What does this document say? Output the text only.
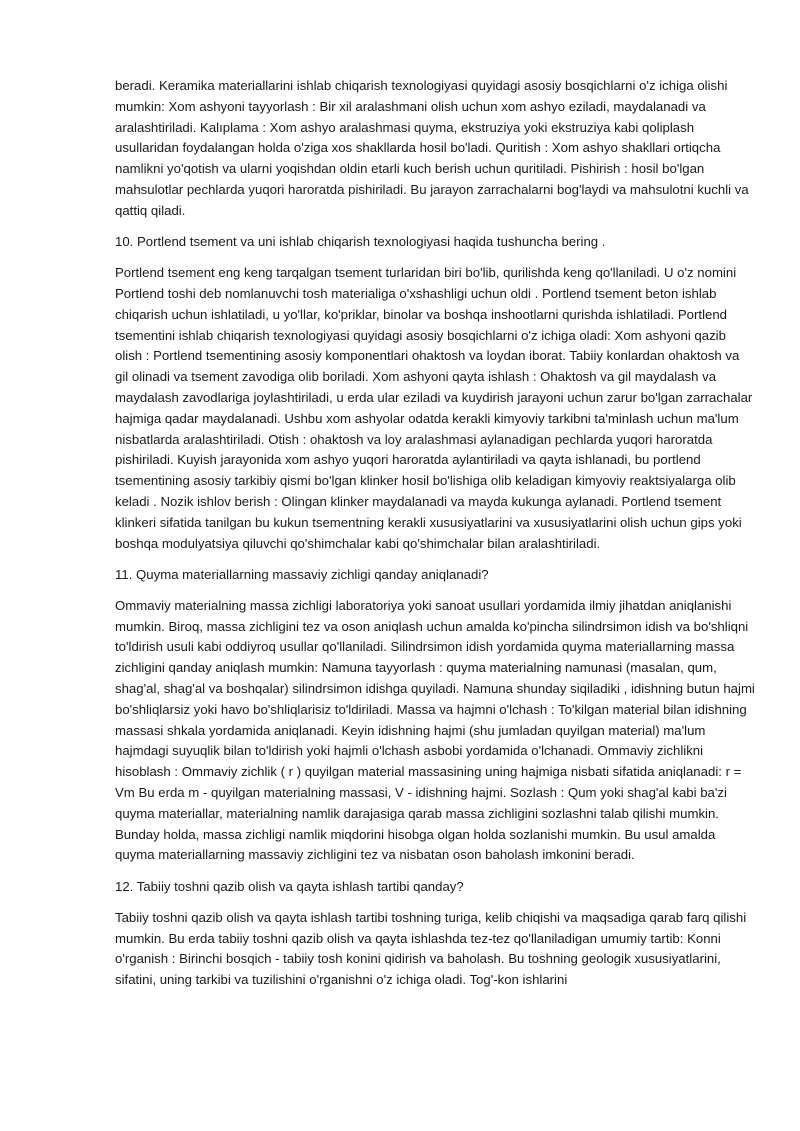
beradi. Keramika materiallarini ishlab chiqarish texnologiyasi quyidagi asosiy bosqichlarni o'z ichiga olishi mumkin: Xom ashyoni tayyorlash : Bir xil aralashmani olish uchun xom ashyo eziladi, maydalanadi va aralashtiriladi. Kalıplama : Xom ashyo aralashmasi quyma, ekstruziya yoki ekstruziya kabi qoliplash usullaridan foydalangan holda o'ziga xos shakllarda hosil bo'ladi. Quritish : Xom ashyo shakllari ortiqcha namlikni yo'qotish va ularni yoqishdan oldin etarli kuch berish uchun quritiladi. Pishirish : hosil bo'lgan mahsulotlar pechlarda yuqori haroratda pishiriladi. Bu jarayon zarrachalarni bog'laydi va mahsulotni kuchli va qattiq qiladi.

10. Portlend tsement va uni ishlab chiqarish texnologiyasi haqida tushuncha bering .

Portlend tsement eng keng tarqalgan tsement turlaridan biri bo'lib, qurilishda keng qo'llaniladi. U o'z nomini Portlend toshi deb nomlanuvchi tosh materialiga o'xshashligi uchun oldi . Portlend tsement beton ishlab chiqarish uchun ishlatiladi, u yo'llar, ko'priklar, binolar va boshqa inshootlarni qurishda ishlatiladi. Portlend tsementini ishlab chiqarish texnologiyasi quyidagi asosiy bosqichlarni o'z ichiga oladi: Xom ashyoni qazib olish : Portlend tsementining asosiy komponentlari ohaktosh va loydan iborat. Tabiiy konlardan ohaktosh va gil olinadi va tsement zavodiga olib boriladi. Xom ashyoni qayta ishlash : Ohaktosh va gil maydalash va maydalash zavodlariga joylashtiriladi, u erda ular eziladi va kuydirish jarayoni uchun zarur bo'lgan zarrachalar hajmiga qadar maydalanadi. Ushbu xom ashyolar odatda kerakli kimyoviy tarkibni ta'minlash uchun ma'lum nisbatlarda aralashtiriladi. Otish : ohaktosh va loy aralashmasi aylanadigan pechlarda yuqori haroratda pishiriladi. Kuyish jarayonida xom ashyo yuqori haroratda aylantiriladi va qayta ishlanadi, bu portlend tsementining asosiy tarkibiy qismi bo'lgan klinker hosil bo'lishiga olib keladigan kimyoviy reaktsiyalarga olib keladi . Nozik ishlov berish : Olingan klinker maydalanadi va mayda kukunga aylanadi. Portlend tsement klinkeri sifatida tanilgan bu kukun tsementning kerakli xususiyatlarini va xususiyatlarini olish uchun gips yoki boshqa modulyatsiya qiluvchi qo'shimchalar kabi qo'shimchalar bilan aralashtiriladi.

11. Quyma materiallarning massaviy zichligi qanday aniqlanadi?

Ommaviy materialning massa zichligi laboratoriya yoki sanoat usullari yordamida ilmiy jihatdan aniqlanishi mumkin. Biroq, massa zichligini tez va oson aniqlash uchun amalda ko'pincha silindrsimon idish va bo'shliqni to'ldirish usuli kabi oddiyroq usullar qo'llaniladi. Silindrsimon idish yordamida quyma materiallarning massa zichligini qanday aniqlash mumkin: Namuna tayyorlash : quyma materialning namunasi (masalan, qum, shag'al, shag'al va boshqalar) silindrsimon idishga quyiladi. Namuna shunday siqiladiki , idishning butun hajmi bo'shliqlarsiz yoki havo bo'shliqlarisiz to'ldiriladi. Massa va hajmni o'lchash : To'kilgan material bilan idishning massasi shkala yordamida aniqlanadi. Keyin idishning hajmi (shu jumladan quyilgan material) ma'lum hajmdagi suyuqlik bilan to'ldirish yoki hajmli o'lchash asbobi yordamida o'lchanadi. Ommaviy zichlikni hisoblash : Ommaviy zichlik ( r ) quyilgan material massasining uning hajmiga nisbati sifatida aniqlanadi: r = Vm Bu erda m - quyilgan materialning massasi, V - idishning hajmi. Sozlash : Qum yoki shag'al kabi ba'zi quyma materiallar, materialning namlik darajasiga qarab massa zichligini sozlashni talab qilishi mumkin. Bunday holda, massa zichligi namlik miqdorini hisobga olgan holda sozlanishi mumkin. Bu usul amalda quyma materiallarning massaviy zichligini tez va nisbatan oson baholash imkonini beradi.

12. Tabiiy toshni qazib olish va qayta ishlash tartibi qanday?

Tabiiy toshni qazib olish va qayta ishlash tartibi toshning turiga, kelib chiqishi va maqsadiga qarab farq qilishi mumkin. Bu erda tabiiy toshni qazib olish va qayta ishlashda tez-tez qo'llaniladigan umumiy tartib: Konni o'rganish : Birinchi bosqich - tabiiy tosh konini qidirish va baholash. Bu toshning geologik xususiyatlarini, sifatini, uning tarkibi va tuzilishini o'rganishni o'z ichiga oladi. Tog'-kon ishlarini
